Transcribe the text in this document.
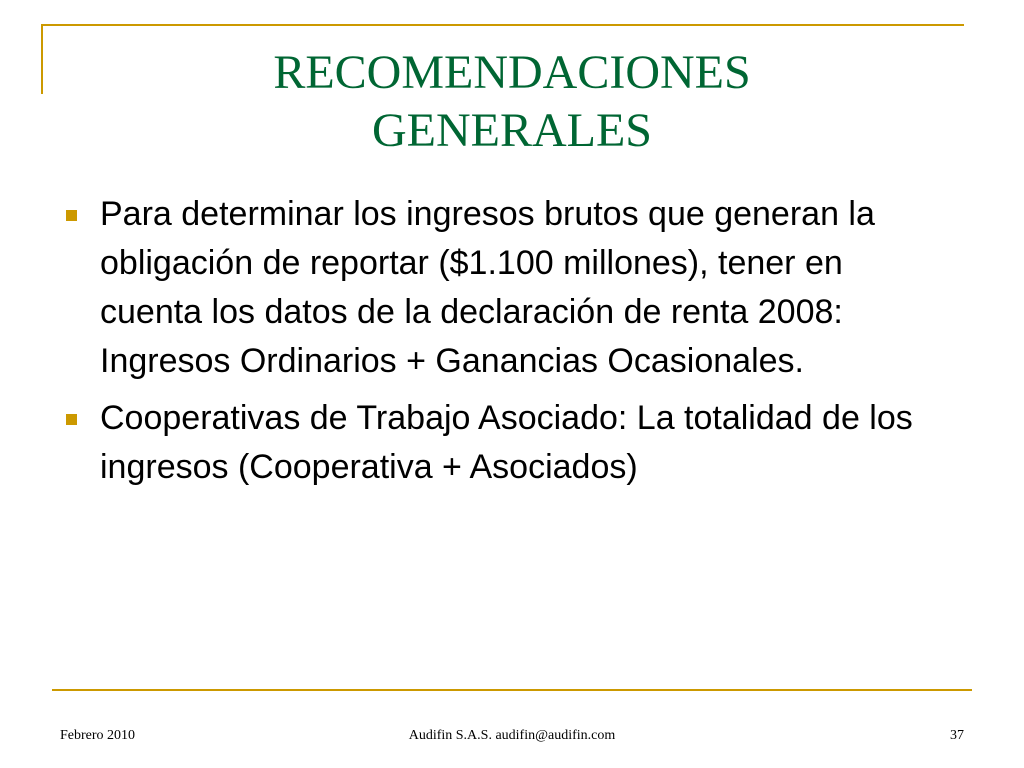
RECOMENDACIONES
GENERALES
Para determinar los ingresos brutos que generan la obligación de reportar ($1.100 millones), tener en cuenta los datos de la declaración de renta 2008: Ingresos Ordinarios + Ganancias Ocasionales.
Cooperativas de Trabajo Asociado: La totalidad de los ingresos (Cooperativa + Asociados)
Audifin S.A.S. audifin@audifin.com
Febrero 2010	37
